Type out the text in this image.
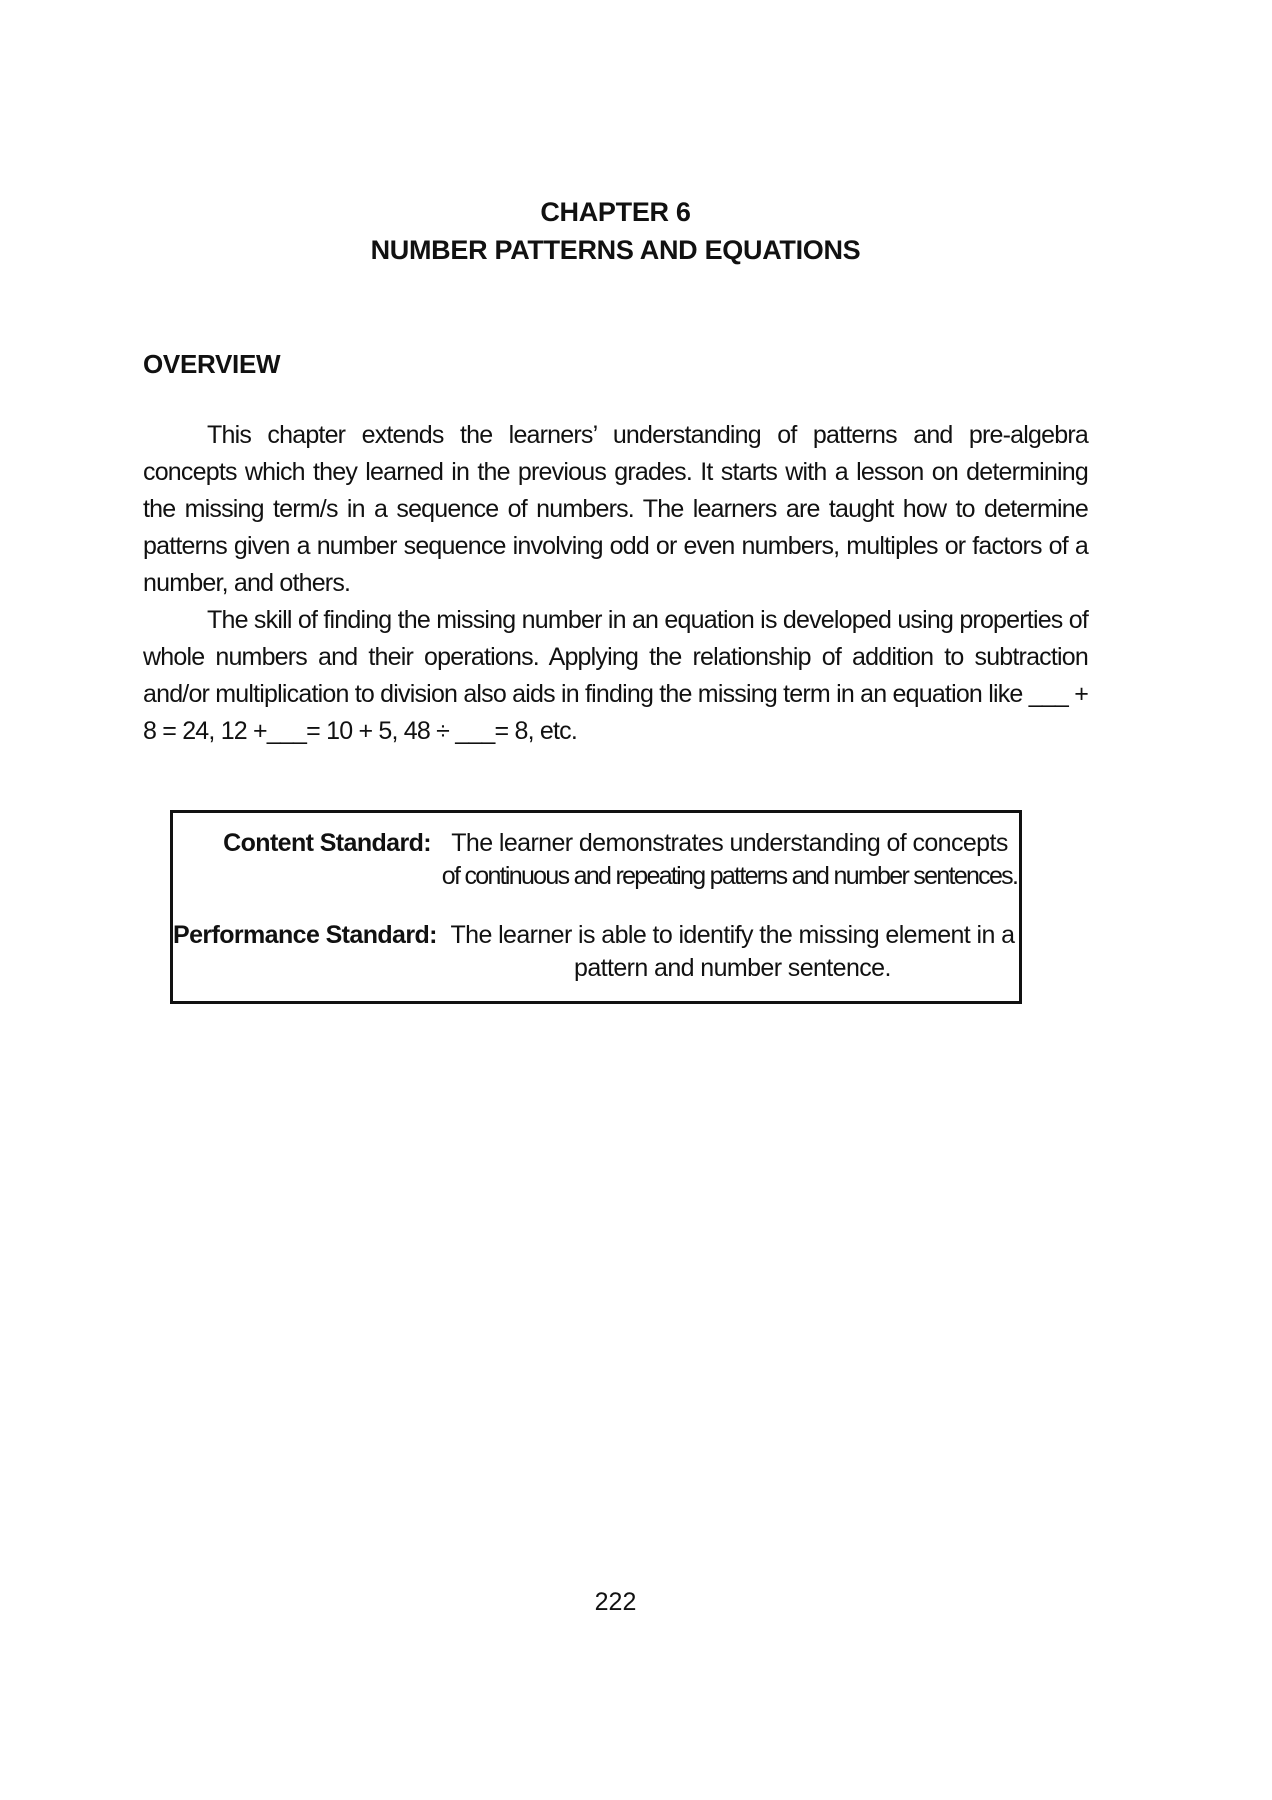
CHAPTER 6
NUMBER PATTERNS AND EQUATIONS
OVERVIEW

This chapter extends the learners’ understanding of patterns and pre-algebra concepts which they learned in the previous grades. It starts with a lesson on determining the missing term/s in a sequence of numbers. The learners are taught how to determine patterns given a number sequence involving odd or even numbers, multiples or factors of a number, and others.

The skill of finding the missing number in an equation is developed using properties of whole numbers and their operations. Applying the relationship of addition to subtraction and/or multiplication to division also aids in finding the missing term in an equation like ___ + 8 = 24, 12 +___= 10 + 5, 48 ÷ ___= 8, etc.

Content Standard: The learner demonstrates understanding of concepts
of continuous and repeating patterns and number sentences.
Performance Standard: The learner is able to identify the missing element in a
pattern and number sentence.
222
